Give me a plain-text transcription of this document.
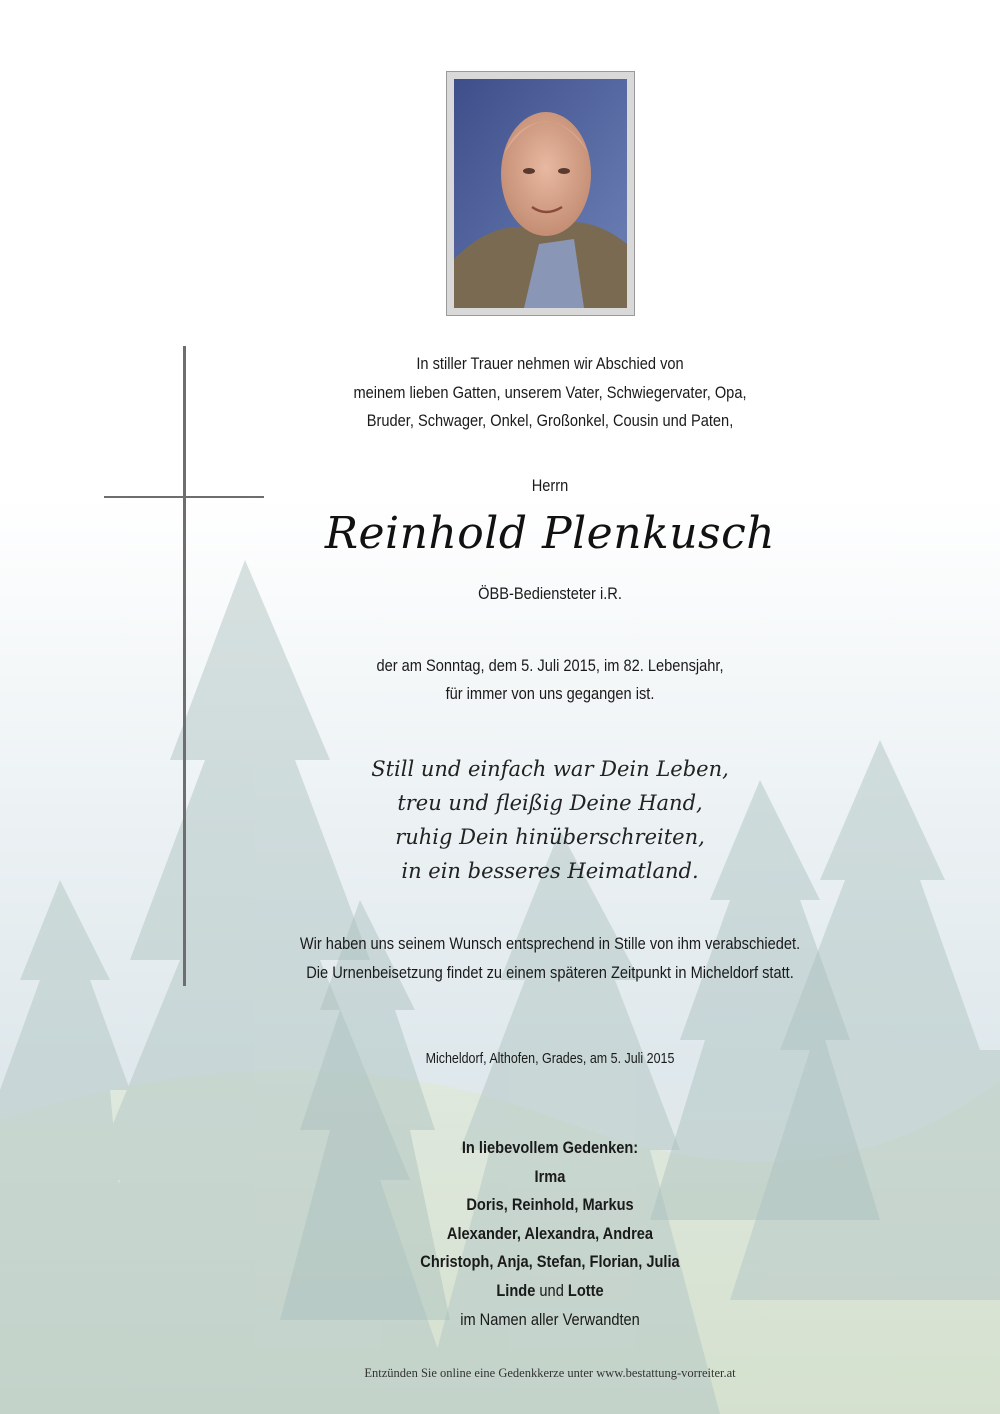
In stiller Trauer nehmen wir Abschied von
meinem lieben Gatten, unserem Vater, Schwiegervater, Opa,
Bruder, Schwager, Onkel, Großonkel, Cousin und Paten,
Herrn
Reinhold Plenkusch
ÖBB-Bediensteter i.R.
der am Sonntag, dem 5. Juli 2015, im 82. Lebensjahr,
für immer von uns gegangen ist.
Still und einfach war Dein Leben,
treu und fleißig Deine Hand,
ruhig Dein hinüberschreiten,
in ein besseres Heimatland.
Wir haben uns seinem Wunsch entsprechend in Stille von ihm verabschiedet.
Die Urnenbeisetzung findet zu einem späteren Zeitpunkt in Micheldorf statt.
Micheldorf, Althofen, Grades, am 5. Juli 2015
In liebevollem Gedenken:
Irma
Doris, Reinhold, Markus
Alexander, Alexandra, Andrea
Christoph, Anja, Stefan, Florian, Julia
Linde und Lotte
im Namen aller Verwandten
Entzünden Sie online eine Gedenkkerze unter www.bestattung-vorreiter.at
